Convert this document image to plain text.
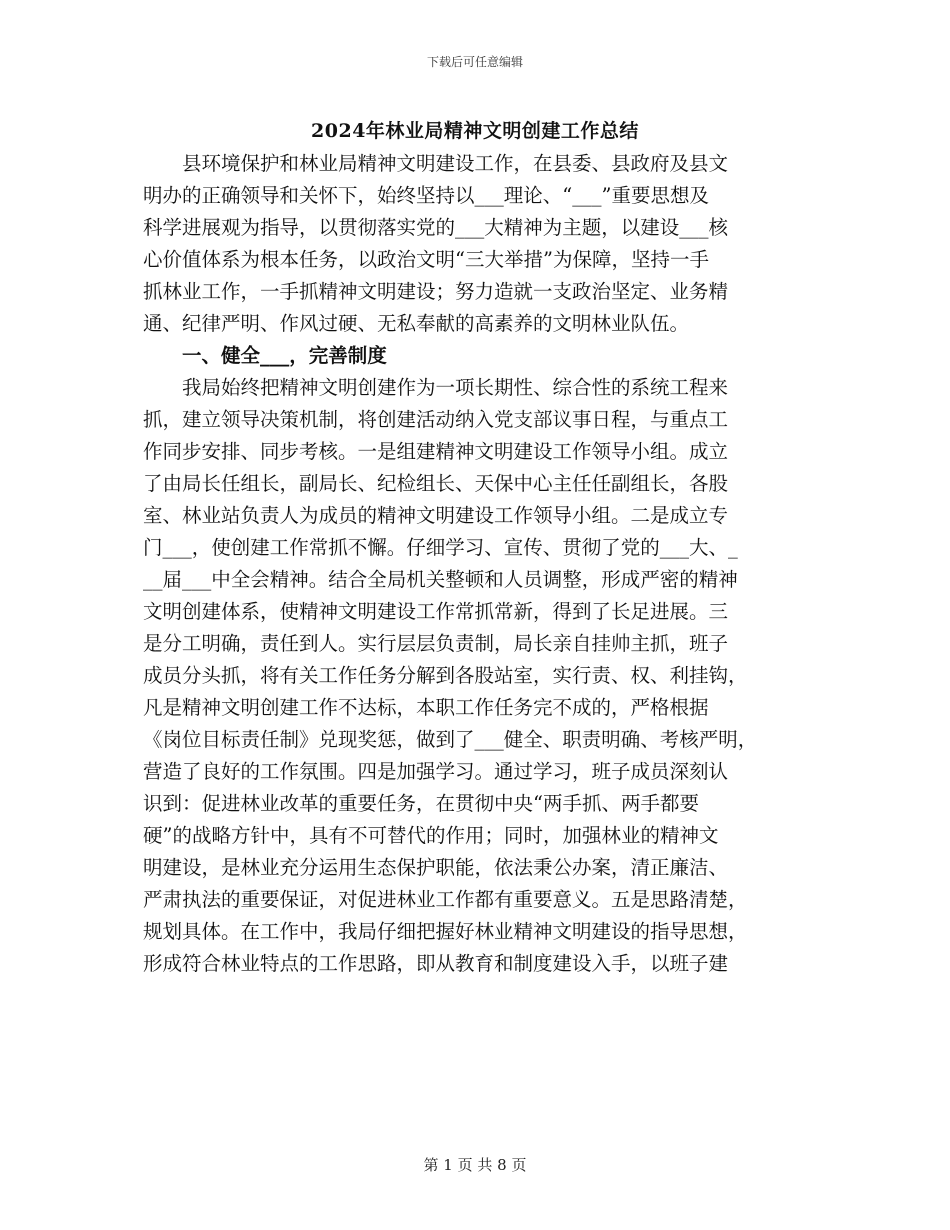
下载后可任意编辑
2024年林业局精神文明创建工作总结
　　县环境保护和林业局精神文明建设工作，在县委、县政府及县文
明办的正确领导和关怀下，始终坚持以___理论、“___”重要思想及
科学进展观为指导，以贯彻落实党的___大精神为主题，以建设___核
心价值体系为根本任务，以政治文明“三大举措”为保障，坚持一手
抓林业工作，一手抓精神文明建设；努力造就一支政治坚定、业务精
通、纪律严明、作风过硬、无私奉献的高素养的文明林业队伍。
　　一、健全___，完善制度
　　我局始终把精神文明创建作为一项长期性、综合性的系统工程来
抓，建立领导决策机制，将创建活动纳入党支部议事日程，与重点工
作同步安排、同步考核。一是组建精神文明建设工作领导小组。成立
了由局长任组长，副局长、纪检组长、天保中心主任任副组长，各股
室、林业站负责人为成员的精神文明建设工作领导小组。二是成立专
门___，使创建工作常抓不懈。仔细学习、宣传、贯彻了党的___大、_
__届___中全会精神。结合全局机关整顿和人员调整，形成严密的精神
文明创建体系，使精神文明建设工作常抓常新，得到了长足进展。三
是分工明确，责任到人。实行层层负责制，局长亲自挂帅主抓，班子
成员分头抓，将有关工作任务分解到各股站室，实行责、权、利挂钩，
凡是精神文明创建工作不达标，本职工作任务完不成的，严格根据
《岗位目标责任制》兑现奖惩，做到了___健全、职责明确、考核严明，
营造了良好的工作氛围。四是加强学习。通过学习，班子成员深刻认
识到：促进林业改革的重要任务，在贯彻中央“两手抓、两手都要
硬”的战略方针中，具有不可替代的作用；同时，加强林业的精神文
明建设，是林业充分运用生态保护职能，依法秉公办案，清正廉洁、
严肃执法的重要保证，对促进林业工作都有重要意义。五是思路清楚，
规划具体。在工作中，我局仔细把握好林业精神文明建设的指导思想，
形成符合林业特点的工作思路，即从教育和制度建设入手，以班子建
第 1 页 共 8 页
